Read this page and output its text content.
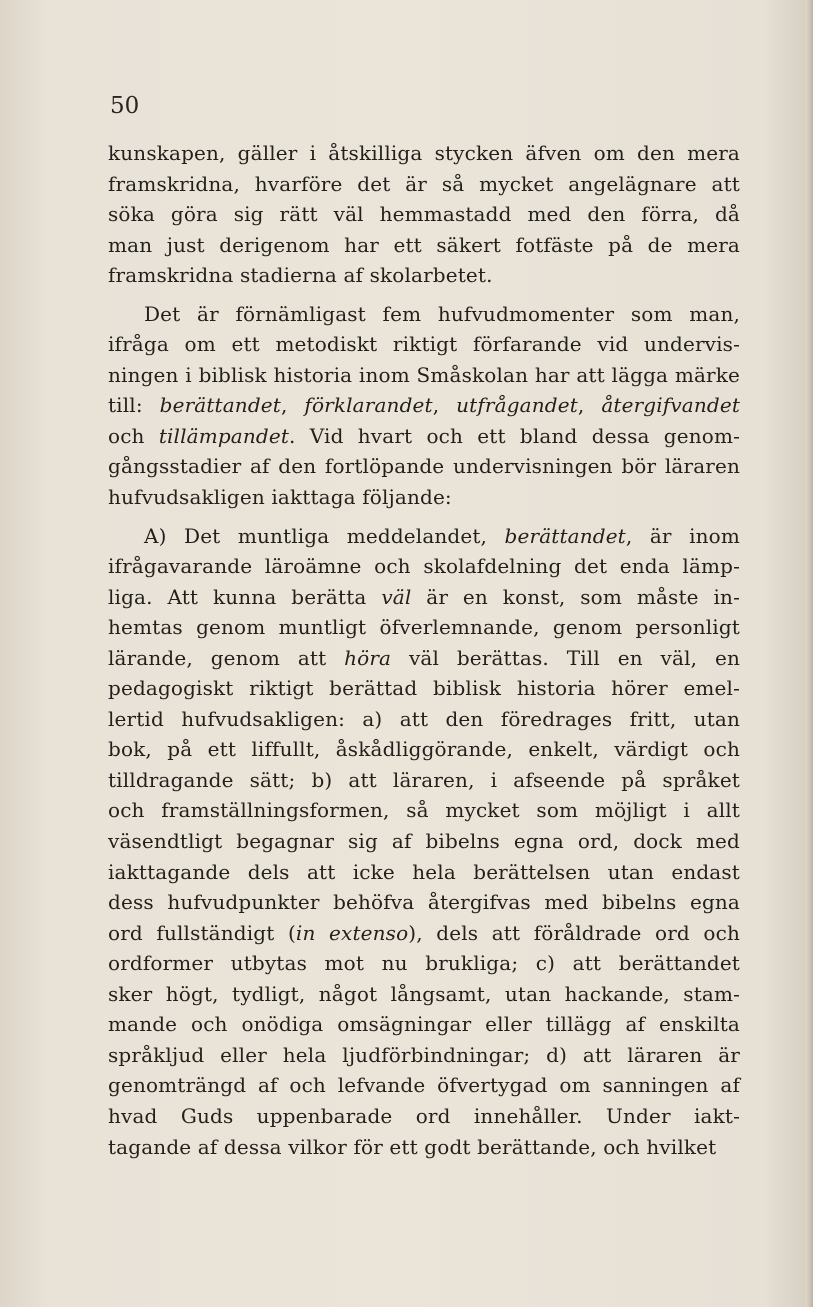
50

kunskapen, gäller i åtskilliga stycken äfven om den mera
framskridna, hvarföre det är så mycket angelägnare att
söka göra sig rätt väl hemmastadd med den förra, då
man just derigenom har ett säkert fotfäste på de mera
framskridna stadierna af skolarbetet.
Det är förnämligast fem hufvudmomenter som man,
ifråga om ett metodiskt riktigt förfarande vid undervis-
ningen i biblisk historia inom Småskolan har att lägga märke
till: berättandet, förklarandet, utfrågandet, återgifvandet
och tillämpandet. Vid hvart och ett bland dessa genom-
gångsstadier af den fortlöpande undervisningen bör läraren
hufvudsakligen iakttaga följande:
A) Det muntliga meddelandet, berättandet, är inom
ifrågavarande läroämne och skolafdelning det enda lämp-
liga. Att kunna berätta väl är en konst, som måste in-
hemtas genom muntligt öfverlemnande, genom personligt
lärande, genom att höra väl berättas. Till en väl, en
pedagogiskt riktigt berättad biblisk historia hörer emel-
lertid hufvudsakligen: a) att den föredrages fritt, utan
bok, på ett liffullt, åskådliggörande, enkelt, värdigt och
tilldragande sätt; b) att läraren, i afseende på språket
och framställningsformen, så mycket som möjligt i allt
väsendtligt begagnar sig af bibelns egna ord, dock med
iakttagande dels att icke hela berättelsen utan endast
dess hufvudpunkter behöfva återgifvas med bibelns egna
ord fullständigt (in extenso), dels att föråldrade ord och
ordformer utbytas mot nu brukliga; c) att berättandet
sker högt, tydligt, något långsamt, utan hackande, stam-
mande och onödiga omsägningar eller tillägg af enskilta
språkljud eller hela ljudförbindningar; d) att läraren är
genomträngd af och lefvande öfvertygad om sanningen af
hvad Guds uppenbarade ord innehåller. Under iakt-
tagande af dessa vilkor för ett godt berättande, och hvilket
